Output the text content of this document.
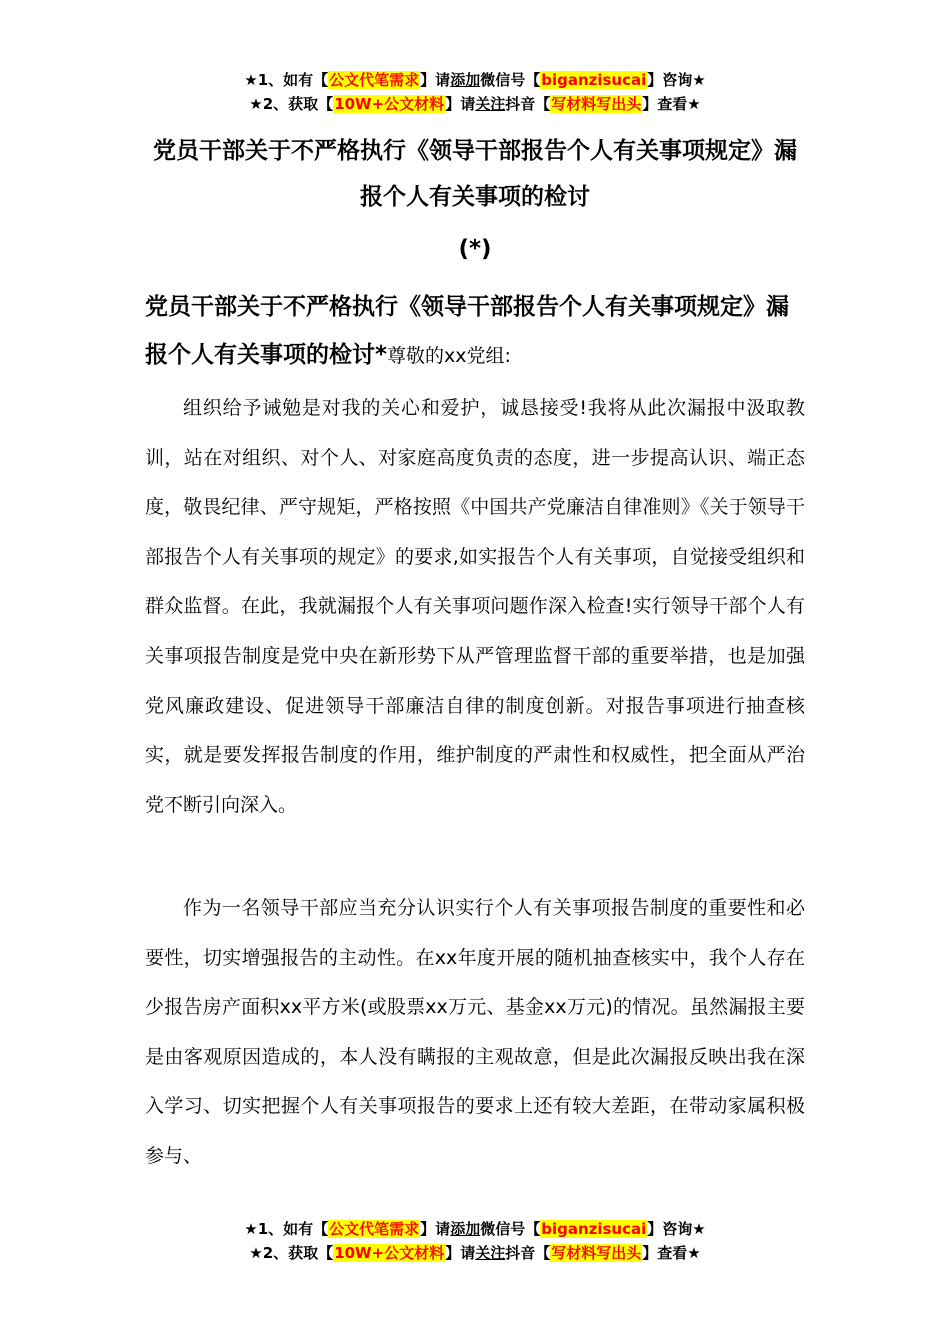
★1、如有【公文代笔需求】请添加微信号【biganzisucai】咨询★
★2、获取【10W+公文材料】请关注抖音【写材料写出头】查看★
党员干部关于不严格执行《领导干部报告个人有关事项规定》漏报个人有关事项的检讨
(*)
党员干部关于不严格执行《领导干部报告个人有关事项规定》漏报个人有关事项的检讨*尊敬的xx党组:

组织给予诫勉是对我的关心和爱护，诚恳接受!我将从此次漏报中汲取教训，站在对组织、对个人、对家庭高度负责的态度，进一步提高认识、端正态度，敬畏纪律、严守规矩，严格按照《中国共产党廉洁自律准则》《关于领导干部报告个人有关事项的规定》的要求,如实报告个人有关事项，自觉接受组织和群众监督。在此，我就漏报个人有关事项问题作深入检查!实行领导干部个人有关事项报告制度是党中央在新形势下从严管理监督干部的重要举措，也是加强党风廉政建设、促进领导干部廉洁自律的制度创新。对报告事项进行抽查核实，就是要发挥报告制度的作用，维护制度的严肃性和权威性，把全面从严治党不断引向深入。

作为一名领导干部应当充分认识实行个人有关事项报告制度的重要性和必要性，切实增强报告的主动性。在xx年度开展的随机抽查核实中，我个人存在少报告房产面积xx平方米(或股票xx万元、基金xx万元)的情况。虽然漏报主要是由客观原因造成的，本人没有瞒报的主观故意，但是此次漏报反映出我在深入学习、切实把握个人有关事项报告的要求上还有较大差距，在带动家属积极参与、

★1、如有【公文代笔需求】请添加微信号【biganzisucai】咨询★
★2、获取【10W+公文材料】请关注抖音【写材料写出头】查看★
